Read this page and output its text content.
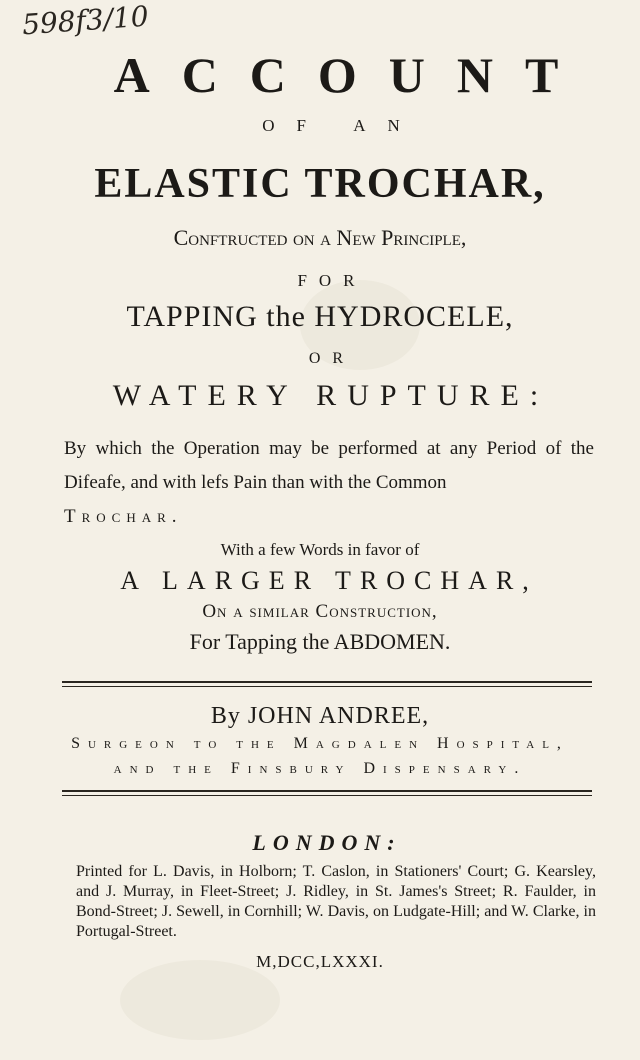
598f3/10
ACCOUNT
OF AN
ELASTIC TROCHAR,
Conftructed on a New Principle,
FOR
TAPPING the HYDROCELE,
OR
WATERY RUPTURE:
By which the Operation may be performed at any Period of the Difeafe, and with lefs Pain than with the Common
Trochar.
With a few Words in favor of
A LARGER TROCHAR,
On a similar Construction,
For Tapping the ABDOMEN.
By JOHN ANDREE,
Surgeon to the Magdalen Hospital,
and the Finsbury Dispensary.
LONDON:
Printed for L. Davis, in Holborn; T. Caslon, in Stationers' Court; G. Kearsley, and J. Murray, in Fleet-Street; J. Ridley, in St. James's Street; R. Faulder, in Bond-Street; J. Sewell, in Cornhill; W. Davis, on Ludgate-Hill; and W. Clarke, in Portugal-Street.
M,DCC,LXXXI.
